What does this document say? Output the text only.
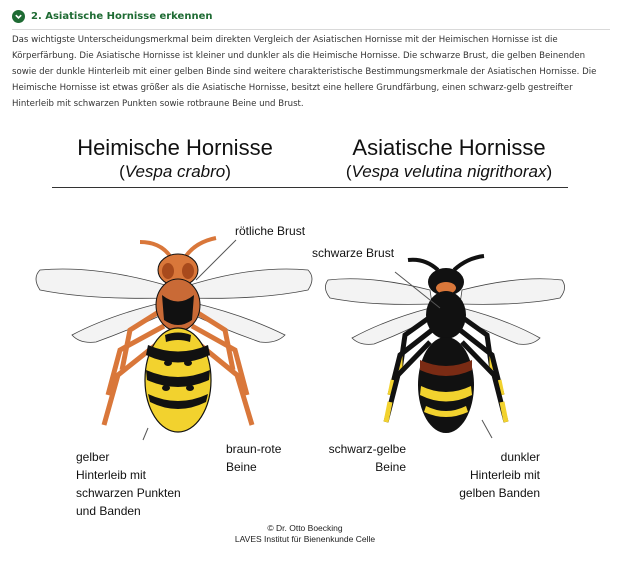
2. Asiatische Hornisse erkennen

Das wichtigste Unterscheidungsmerkmal beim direkten Vergleich der Asiatischen Hornisse mit der Heimischen Hornisse ist die Körperfärbung. Die Asiatische Hornisse ist kleiner und dunkler als die Heimische Hornisse. Die schwarze Brust, die gelben Beinenden sowie der dunkle Hinterleib mit einer gelben Binde sind weitere charakteristische Bestimmungsmerkmale der Asiatischen Hornisse. Die Heimische Hornisse ist etwas größer als die Asiatische Hornisse, besitzt eine hellere Grundfärbung, einen schwarz-gelb gestreifter Hinterleib mit schwarzen Punkten sowie rotbraune Beine und Brust.

Heimische Hornisse
(Vespa crabro)
Asiatische Hornisse
(Vespa velutina nigrithorax)
rötliche Brust
gelber
Hinterleib mit
schwarzen Punkten
und Banden
braun-rote
Beine
schwarze Brust
schwarz-gelbe
Beine
dunkler
Hinterleib mit
gelben Banden
© Dr. Otto Boecking
LAVES Institut für Bienenkunde Celle
